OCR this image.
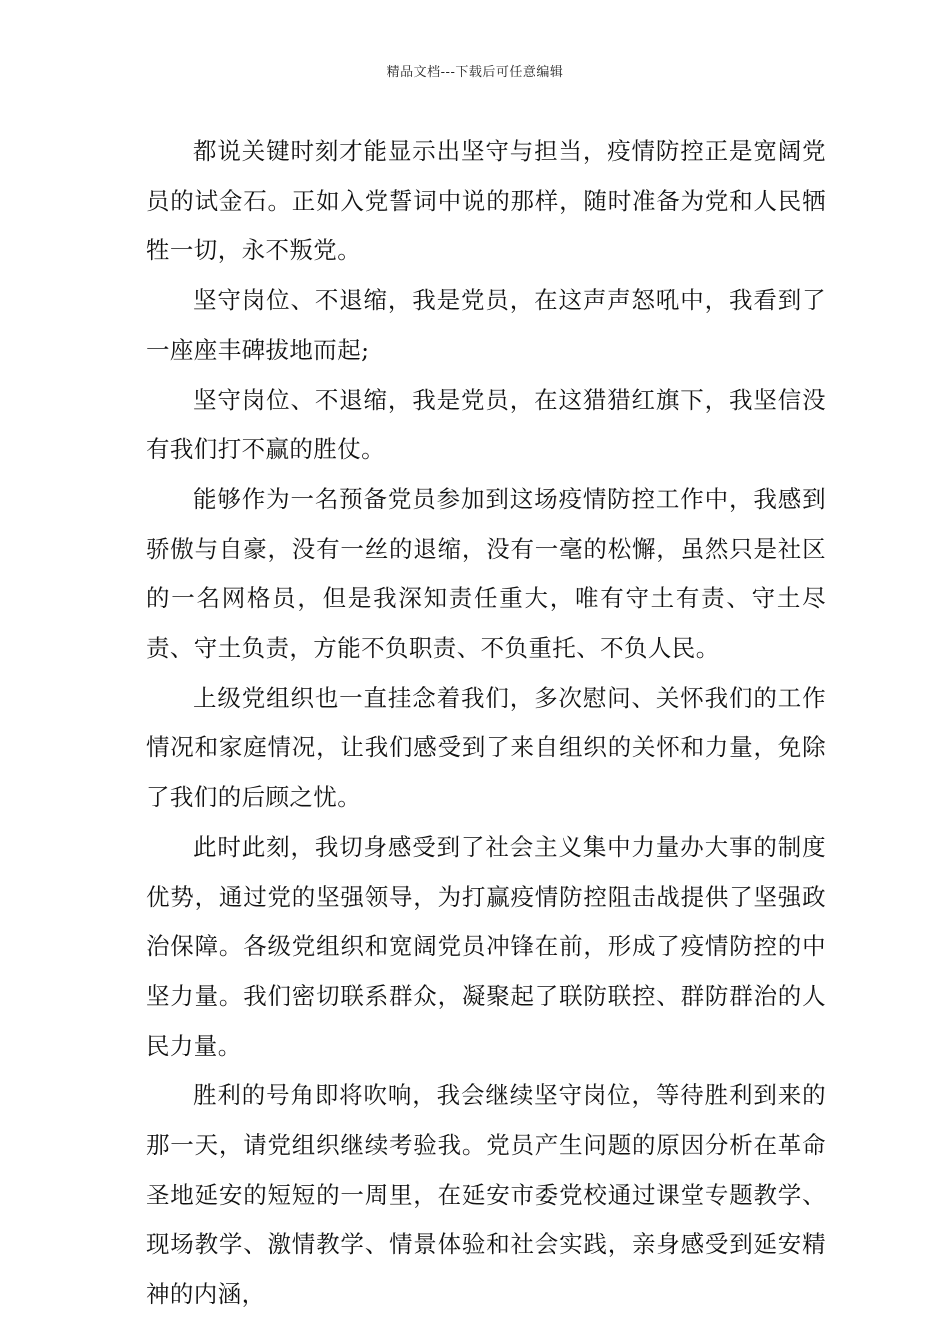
精品文档---下载后可任意编辑

都说关键时刻才能显示出坚守与担当，疫情防控正是宽阔党员的试金石。正如入党誓词中说的那样，随时准备为党和人民牺牲一切，永不叛党。

坚守岗位、不退缩，我是党员，在这声声怒吼中，我看到了一座座丰碑拔地而起;

坚守岗位、不退缩，我是党员，在这猎猎红旗下，我坚信没有我们打不赢的胜仗。

能够作为一名预备党员参加到这场疫情防控工作中，我感到骄傲与自豪，没有一丝的退缩，没有一毫的松懈，虽然只是社区的一名网格员，但是我深知责任重大，唯有守土有责、守土尽责、守土负责，方能不负职责、不负重托、不负人民。

上级党组织也一直挂念着我们，多次慰问、关怀我们的工作情况和家庭情况，让我们感受到了来自组织的关怀和力量，免除了我们的后顾之忧。

此时此刻，我切身感受到了社会主义集中力量办大事的制度优势，通过党的坚强领导，为打赢疫情防控阻击战提供了坚强政治保障。各级党组织和宽阔党员冲锋在前，形成了疫情防控的中坚力量。我们密切联系群众，凝聚起了联防联控、群防群治的人民力量。

胜利的号角即将吹响，我会继续坚守岗位，等待胜利到来的那一天，请党组织继续考验我。党员产生问题的原因分析在革命圣地延安的短短的一周里，在延安市委党校通过课堂专题教学、现场教学、激情教学、情景体验和社会实践，亲身感受到延安精神的内涵，
